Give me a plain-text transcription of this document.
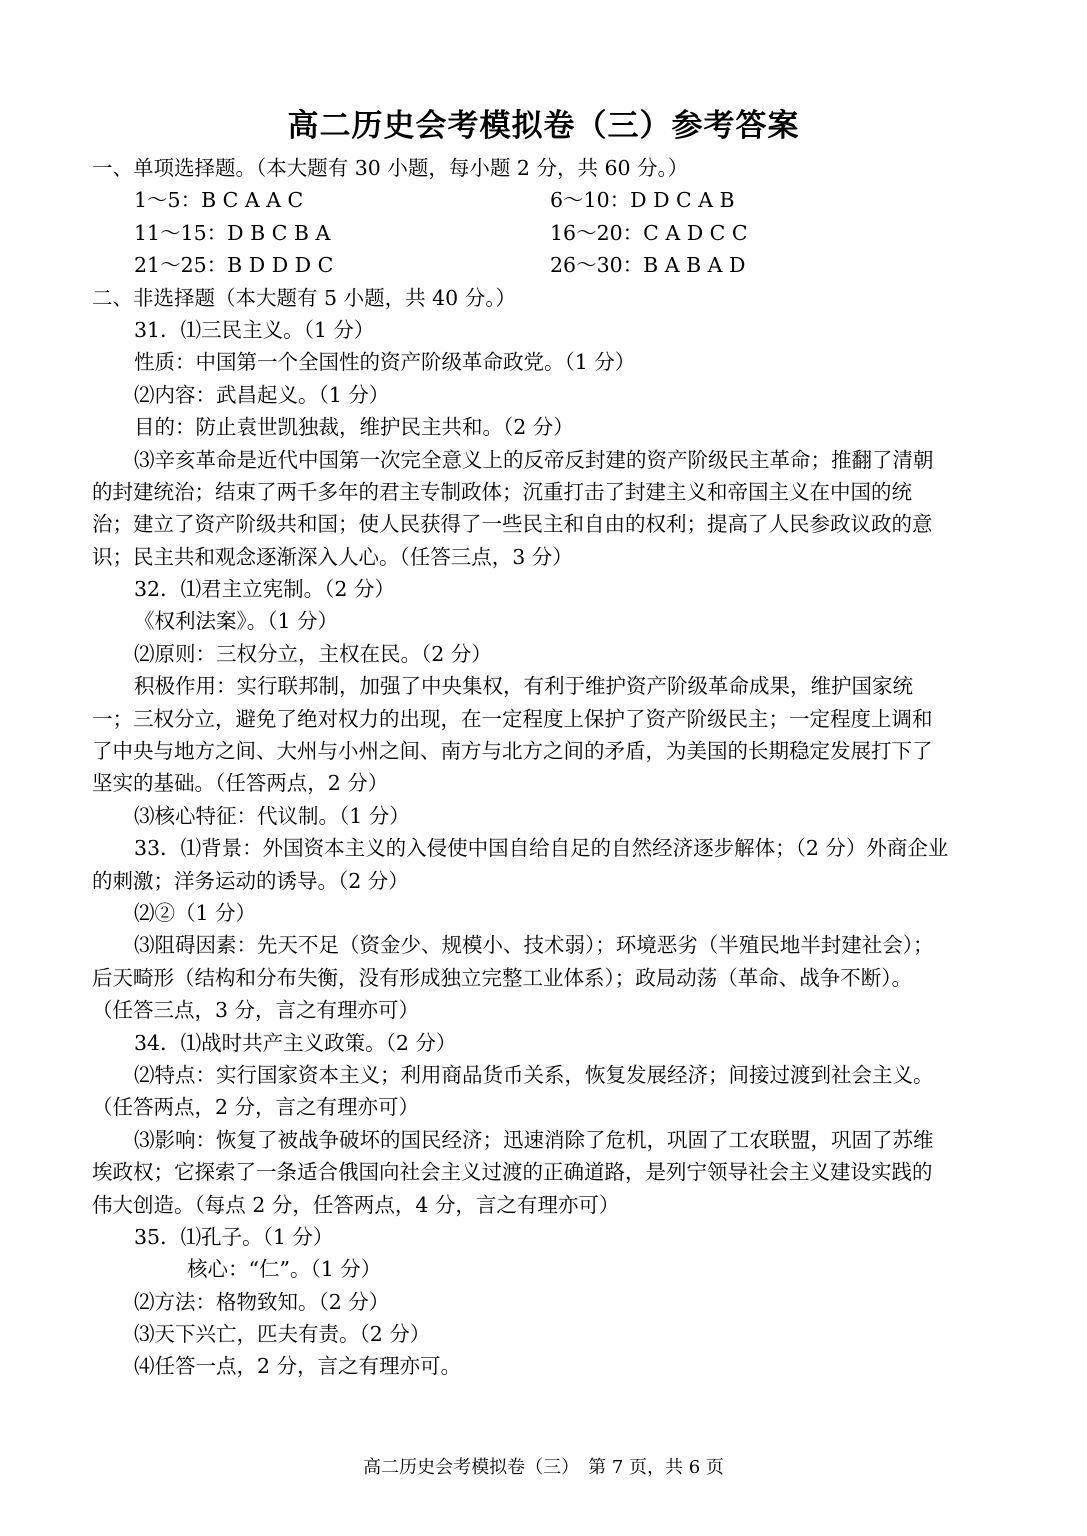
高二历史会考模拟卷（三）参考答案
一、单项选择题。（本大题有 30 小题，每小题 2 分，共 60 分。）
1～5：B C A A C	6～10：D D C A B
11～15：D B C B A	16～20：C A D C C
21～25：B D D D C	26～30：B A B A D
二、非选择题（本大题有 5 小题，共 40 分。）
31．⑴三民主义。（1 分）
性质：中国第一个全国性的资产阶级革命政党。（1 分）
⑵内容：武昌起义。（1 分）
目的：防止袁世凯独裁，维护民主共和。（2 分）
⑶辛亥革命是近代中国第一次完全意义上的反帝反封建的资产阶级民主革命；推翻了清朝
的封建统治；结束了两千多年的君主专制政体；沉重打击了封建主义和帝国主义在中国的统
治；建立了资产阶级共和国；使人民获得了一些民主和自由的权利；提高了人民参政议政的意
识；民主共和观念逐渐深入人心。（任答三点，3 分）
32．⑴君主立宪制。（2 分）
《权利法案》。（1 分）
⑵原则：三权分立，主权在民。（2 分）
积极作用：实行联邦制，加强了中央集权，有利于维护资产阶级革命成果，维护国家统
一；三权分立，避免了绝对权力的出现，在一定程度上保护了资产阶级民主；一定程度上调和
了中央与地方之间、大州与小州之间、南方与北方之间的矛盾，为美国的长期稳定发展打下了
坚实的基础。（任答两点，2 分）
⑶核心特征：代议制。（1 分）
33．⑴背景：外国资本主义的入侵使中国自给自足的自然经济逐步解体；（2 分）外商企业
的刺激；洋务运动的诱导。（2 分）
⑵②（1 分）
⑶阻碍因素：先天不足（资金少、规模小、技术弱）；环境恶劣（半殖民地半封建社会）；
后天畸形（结构和分布失衡，没有形成独立完整工业体系）；政局动荡（革命、战争不断）。
（任答三点，3 分，言之有理亦可）
34．⑴战时共产主义政策。（2 分）
⑵特点：实行国家资本主义；利用商品货币关系，恢复发展经济；间接过渡到社会主义。
（任答两点，2 分，言之有理亦可）
⑶影响：恢复了被战争破坏的国民经济；迅速消除了危机，巩固了工农联盟，巩固了苏维
埃政权；它探索了一条适合俄国向社会主义过渡的正确道路，是列宁领导社会主义建设实践的
伟大创造。（每点 2 分，任答两点，4 分，言之有理亦可）
35．⑴孔子。（1 分）
核心：“仁”。（1 分）
⑵方法：格物致知。（2 分）
⑶天下兴亡，匹夫有责。（2 分）
⑷任答一点，2 分，言之有理亦可。
高二历史会考模拟卷（三）　第 7 页，共 6 页
